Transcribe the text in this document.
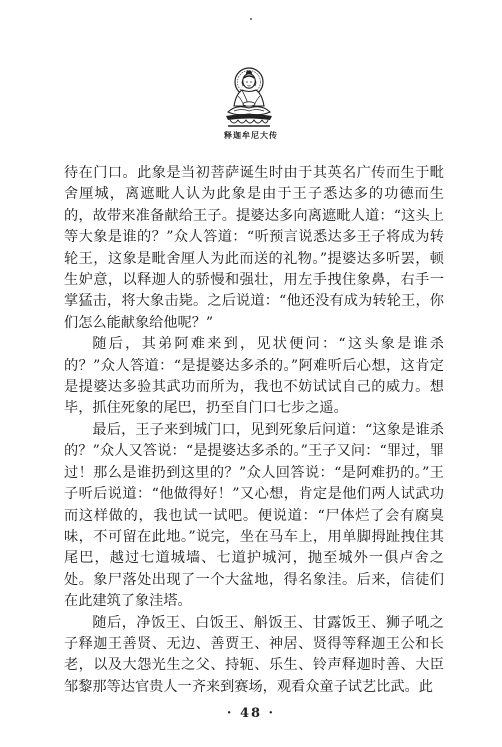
释迦牟尼大传

待在门口。此象是当初菩萨诞生时由于其英名广传而生于毗舍厘城，离遮毗人认为此象是由于王子悉达多的功德而生的，故带来准备献给王子。提婆达多向离遮毗人道：“这头上等大象是谁的？”众人答道：“听预言说悉达多王子将成为转轮王，这象是毗舍厘人为此而送的礼物。”提婆达多听罢，顿生妒意，以释迦人的骄慢和强壮，用左手拽住象鼻，右手一掌猛击，将大象击毙。之后说道：“他还没有成为转轮王，你们怎么能献象给他呢？”

随后，其弟阿难来到，见状便问：“这头象是谁杀的？”众人答道：“是提婆达多杀的。”阿难听后心想，这肯定是提婆达多验其武功而所为，我也不妨试试自己的威力。想毕，抓住死象的尾巴，扔至自门口七步之遥。

最后，王子来到城门口，见到死象后问道：“这象是谁杀的？”众人又答说：“是提婆达多杀的。”王子又问：“罪过，罪过！那么是谁扔到这里的？”众人回答说：“是阿难扔的。”王子听后说道：“他做得好！”又心想，肯定是他们两人试武功而这样做的，我也试一试吧。便说道：“尸体烂了会有腐臭味，不可留在此地。”说完，坐在马车上，用单脚拇趾拽住其尾巴，越过七道城墙、七道护城河，抛至城外一俱卢舍之处。象尸落处出现了一个大盆地，得名象洼。后来，信徒们在此建筑了象洼塔。

随后，净饭王、白饭王、斛饭王、甘露饭王、狮子吼之子释迦王善贤、无边、善贾王、神居、贤得等释迦王公和长老，以及大怨光生之父、持轭、乐生、铃声释迦时善、大臣邹黎那等达官贵人一齐来到赛场，观看众童子试艺比武。此

· 48 ·
